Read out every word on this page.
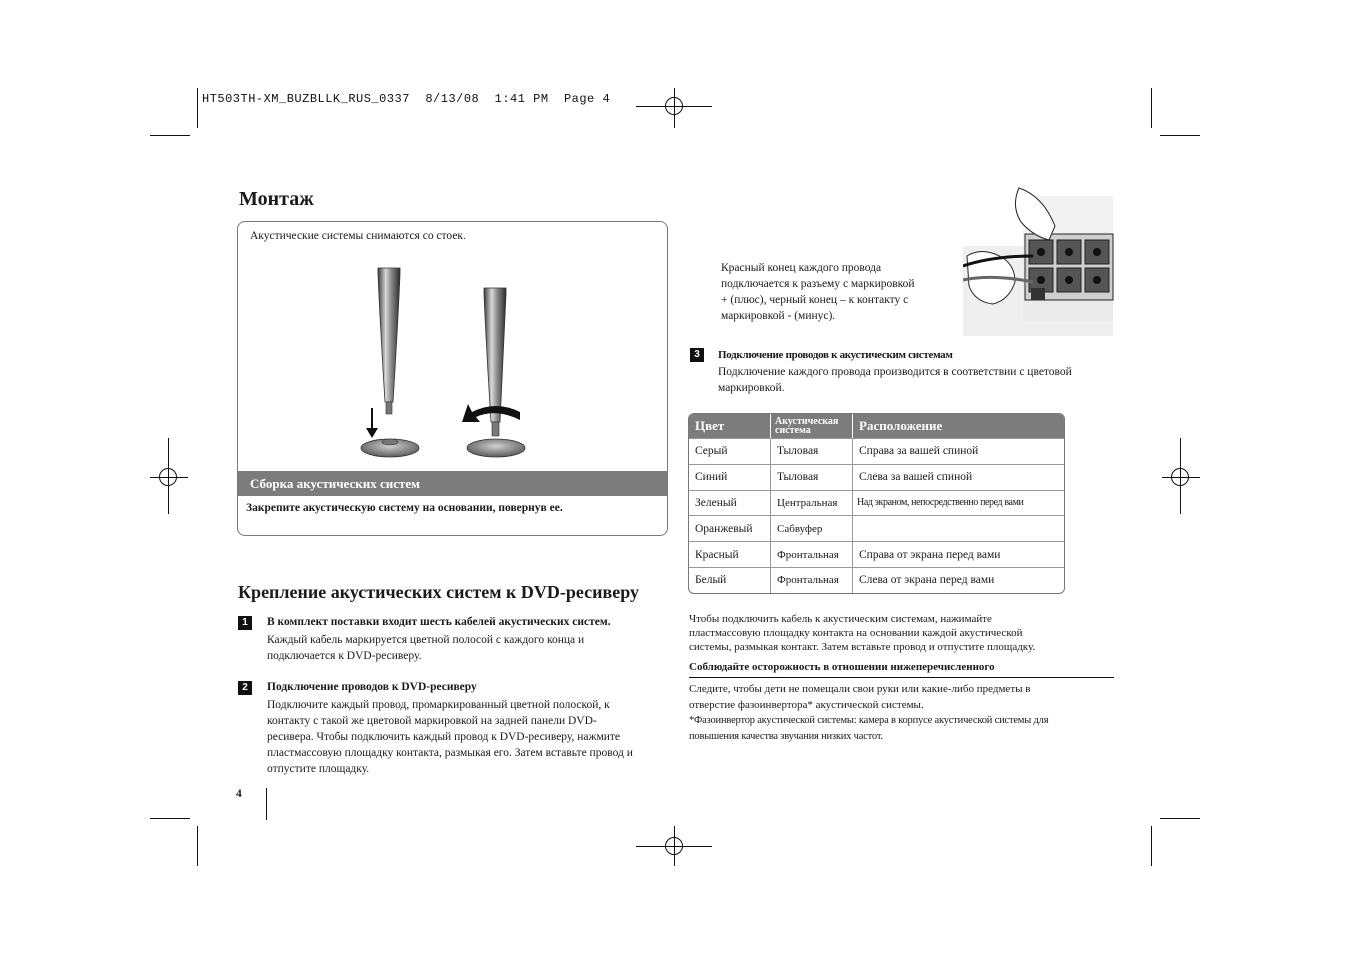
HT503TH-XM_BUZBLLK_RUS_0337  8/13/08  1:41 PM  Page 4
Монтаж
Акустические системы снимаются со стоек.
Сборка акустических систем
Закрепите акустическую систему на основании, повернув ее.
Крепление акустических систем к DVD-ресиверу
1	В комплект поставки входит шесть кабелей акустических систем.
Каждый кабель маркируется цветной полосой с каждого конца и
подключается к DVD-ресиверу.
2	Подключение проводов к DVD-ресиверу
Подключите каждый провод, промаркированный цветной полоской, к
контакту с такой же цветовой маркировкой на задней панели DVD-
ресивера. Чтобы подключить каждый провод к DVD-ресиверу, нажмите
пластмассовую площадку контакта, размыкая его. Затем вставьте провод и
отпустите площадку.
4
Красный конец каждого провода
подключается к разъему с маркировкой
+ (плюс), черный конец – к контакту с
маркировкой - (минус).
3	Подключение проводов к акустическим системам
Подключение каждого провода производится в соответствии с цветовой
маркировкой.
Цвет	Акустическая система	Расположение
Серый	Тыловая	Справа за вашей спиной
Синий	Тыловая	Слева за вашей спиной
Зеленый	Центральная	Над экраном, непосредственно перед вами
Оранжевый	Сабвуфер	
Красный	Фронтальная	Справа от экрана перед вами
Белый	Фронтальная	Слева от экрана перед вами
Чтобы подключить кабель к акустическим системам, нажимайте
пластмассовую площадку контакта на основании каждой акустической
системы, размыкая контакт. Затем вставьте провод и отпустите площадку.
Соблюдайте осторожность в отношении нижеперечисленного
Следите, чтобы дети не помещали свои руки или какие-либо предметы в
отверстие фазоинвертора* акустической системы.
*Фазоинвертор акустической системы: камера в корпусе акустической системы для
повышения качества звучания низких частот.
